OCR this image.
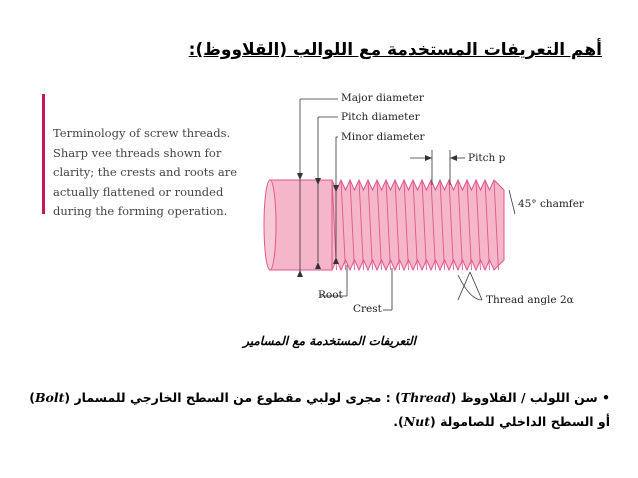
أهم التعريفات المستخدمة مع اللوالب (القلاووظ):
Terminology of screw threads.
Sharp vee threads shown for
clarity; the crests and roots are
actually flattened or rounded
during the forming operation.
Major diameter
Pitch diameter
Minor diameter
Pitch p
45° chamfer
Root
Crest
Thread angle 2α
التعريفات المستخدمة مع المسامير
• سن اللولب / القلاووظ (Thread) : مجرى لولبي مقطوع من السطح الخارجي للمسمار (Bolt) أو السطح الداخلي للصامولة (Nut).
